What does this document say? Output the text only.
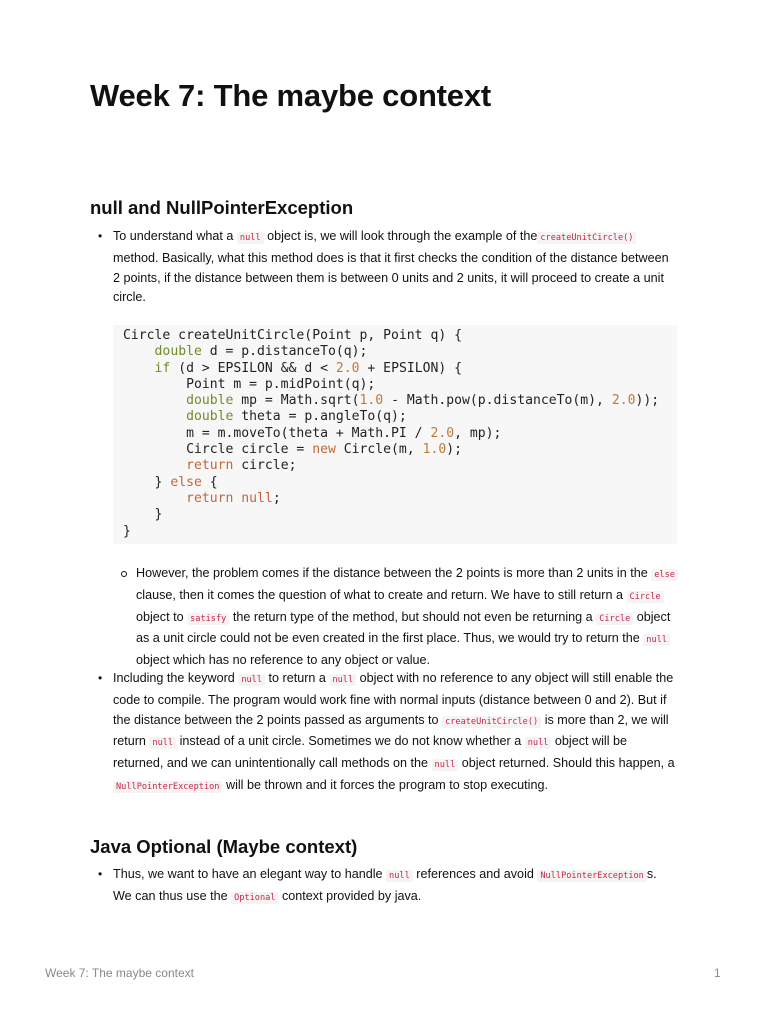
Week 7: The maybe context
null and NullPointerException
• To understand what a null object is, we will look through the example of the createUnitCircle() method. Basically, what this method does is that it first checks the condition of the distance between 2 points, if the distance between them is between 0 units and 2 units, it will proceed to create a unit circle.
Circle createUnitCircle(Point p, Point q) {
double d = p.distanceTo(q);
if (d > EPSILON && d < 2.0 + EPSILON) {
Point m = p.midPoint(q);
double mp = Math.sqrt(1.0 - Math.pow(p.distanceTo(m), 2.0));
double theta = p.angleTo(q);
m = m.moveTo(theta + Math.PI / 2.0, mp);
Circle circle = new Circle(m, 1.0);
return circle;
} else {
return null;
}
}
However, the problem comes if the distance between the 2 points is more than 2 units in the else clause, then it comes the question of what to create and return. We have to still return a Circle object to satisfy the return type of the method, but should not even be returning a Circle object as a unit circle could not be even created in the first place. Thus, we would try to return the null object which has no reference to any object or value.
• Including the keyword null to return a null object with no reference to any object will still enable the code to compile. The program would work fine with normal inputs (distance between 0 and 2). But if the distance between the 2 points passed as arguments to createUnitCircle() is more than 2, we will return null instead of a unit circle. Sometimes we do not know whether a null object will be returned, and we can unintentionally call methods on the null object returned. Should this happen, a NullPointerException will be thrown and it forces the program to stop executing.
Java Optional (Maybe context)
• Thus, we want to have an elegant way to handle null references and avoid NullPointerException s. We can thus use the Optional context provided by java.
Week 7: The maybe context	1
